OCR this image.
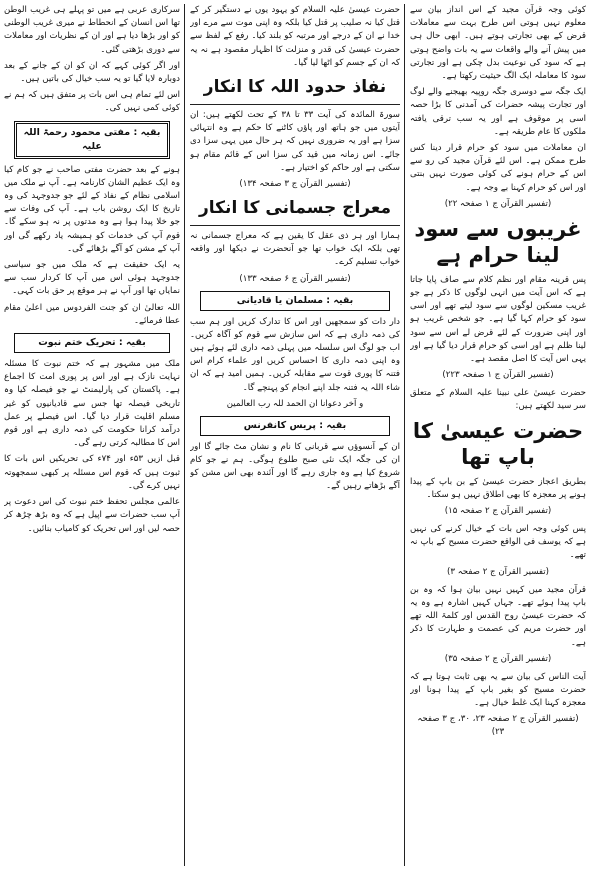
کوئی وجہ قرآن مجید کے اس انداز بیان سے معلوم نہیں ہوتی اس طرح بہت سے معاملات قرض کے بھی تجارتی ہوتے ہیں۔ ابھی حال ہی میں پیش آنے والے واقعات سے یہ بات واضح ہوتی ہے کہ سود کی نوعیت بدل چکی ہے اور تجارتی سود کا معاملہ ایک الگ حیثیت رکھتا ہے۔

ایک جگہ سے دوسری جگہ روپیہ بھیجنے والے لوگ اور تجارت پیشہ حضرات کی آمدنی کا بڑا حصہ اسی پر موقوف ہے اور یہ سب ترقی یافتہ ملکوں کا عام طریقہ ہے۔

ان معاملات میں سود کو حرام قرار دینا کس طرح ممکن ہے۔ اس لئے قرآن مجید کی رو سے اس کے حرام ہونے کی کوئی صورت نہیں بنتی اور اس کو حرام کہنا بے وجہ ہے۔

(تفسیر القرآن ج ۱ صفحہ ۲۲)
غریبوں سے سود لینا حرام ہے

پس قرینہ مقام اور نظم کلام سے صاف پایا جاتا ہے کہ اس آیت میں انہی لوگوں کا ذکر ہے جو غریب مسکین لوگوں سے سود لیتے تھے اور اسی سود کو حرام کہا گیا ہے۔ جو شخص غریب ہو اور اپنی ضرورت کے لئے قرض لے اس سے سود لینا ظلم ہے اور اسی کو حرام قرار دیا گیا ہے اور یہی اس آیت کا اصل مقصد ہے۔

(تفسیر القرآن ج ۱ صفحہ ۲۲۳)

حضرت عیسیٰ علی نبینا علیہ السلام کے متعلق سر سید لکھتے ہیں:

حضرت عیسیٰ کا باپ تھا

بطریق اعجاز حضرت عیسیٰ کے بن باپ کے پیدا ہونے پر معجزہ کا بھی اطلاق نہیں ہو سکتا۔

(تفسیر القرآن ج ۲ صفحہ ۱۵)

پس کوئی وجہ اس بات کے خیال کرنے کی نہیں ہے کہ یوسف فی الواقع حضرت مسیح کے باپ نہ تھے۔

(تفسیر القرآن ج ۲ صفحہ ۳)

قرآن مجید میں کہیں نہیں بیان ہوا کہ وہ بن باپ پیدا ہوئے تھے۔ جہاں کہیں اشارہ ہے وہ یہ کہ حضرت عیسیٰ روح القدس اور کلمۃ اللہ تھے اور حضرت مریم کی عصمت و طہارت کا ذکر ہے۔

(تفسیر القرآن ج ۲ صفحہ ۳۵)

آیت الناس کی بیان سے یہ بھی ثابت ہوتا ہے کہ حضرت مسیح کو بغیر باپ کے پیدا ہونا اور معجزہ کہنا ایک غلط خیال ہے۔

(تفسیر القرآن ج ۲ صفحہ ۲۳، ۳۰، ج ۳ صفحہ ۲۳)

حضرت عیسیٰ علیہ السلام کو یہود یوں نے دستگیر کر کے قتل کیا نہ صلیب پر قتل کیا بلکہ وہ اپنی موت سے مرے اور خدا نے ان کے درجے اور مرتبہ کو بلند کیا۔ رفع کے لفظ سے حضرت عیسیٰ کی قدر و منزلت کا اظہار مقصود ہے نہ یہ کہ ان کے جسم کو اٹھا لیا گیا۔

نفاذ حدود اللہ کا انکار

سورۃ المائدہ کی آیت ۳۳ تا ۳۸ کے تحت لکھتے ہیں: ان آیتوں میں جو ہاتھ اور پاؤں کاٹنے کا حکم ہے وہ انتہائی سزا ہے اور یہ ضروری نہیں کہ ہر حال میں یہی سزا دی جائے۔ اس زمانہ میں قید کی سزا اس کے قائم مقام ہو سکتی ہے اور حاکم کو اختیار ہے۔

(تفسیر القرآن ج ۳ صفحہ ۱۳۴)
معراج جسمانی کا انکار

ہمارا اور ہر ذی عقل کا یقین ہے کہ معراج جسمانی نہ تھی بلکہ ایک خواب تھا جو آنحضرت نے دیکھا اور واقعہ خواب تسلیم کرے۔

(تفسیر القرآن ج ۶ صفحہ ۱۳۳)
بقیہ : مسلمان یا قادیانی

دار دات کو سمجھیں اور اس کا تدارک کریں اور ہم سب کی ذمہ داری ہے کہ اس سازش سے قوم کو آگاہ کریں۔ اب جو لوگ اس سلسلہ میں پہلی ذمہ داری لئے ہوئے ہیں وہ اپنی ذمہ داری کا احساس کریں اور علماء کرام اس فتنہ کا پوری قوت سے مقابلہ کریں۔ ہمیں امید ہے کہ ان شاء اللہ یہ فتنہ جلد اپنے انجام کو پہنچے گا۔

و آخر دعوانا ان الحمد للہ رب العالمین
بقیہ : پریس کانفرنس

ان کے آنسوؤں سے قربانی کا نام و نشان مٹ جائے گا اور ان کی جگہ ایک نئی صبح طلوع ہوگی۔ ہم نے جو کام شروع کیا ہے وہ جاری رہے گا اور آئندہ بھی اس مشن کو آگے بڑھاتے رہیں گے۔

سرکاری عربی ہے میں تو پہلے ہی غریب الوطن تھا اس انسان کے انحطاط نے میری غریب الوطنی کو اور بڑھا دیا ہے اور ان کے نظریات اور معاملات سے دوری بڑھتی گئی۔

اور اگر کوئی کہے کہ ان کو ان کے جانے کے بعد دوبارہ لایا گیا تو یہ سب خیال کی باتیں ہیں۔

اس لئے تمام ہی اس بات پر متفق ہیں کہ ہم نے کوئی کمی نہیں کی۔

بقیہ : مفتی محمود رحمۃ اللہ علیہ

ہونے کے بعد حضرت مفتی صاحب نے جو کام کیا وہ ایک عظیم الشان کارنامہ ہے۔ آپ نے ملک میں اسلامی نظام کے نفاذ کے لئے جو جدوجہد کی وہ تاریخ کا ایک روشن باب ہے۔ آپ کی وفات سے جو خلا پیدا ہوا ہے وہ مدتوں پر نہ ہو سکے گا۔ قوم آپ کی خدمات کو ہمیشہ یاد رکھے گی اور آپ کے مشن کو آگے بڑھائے گی۔

یہ ایک حقیقت ہے کہ ملک میں جو سیاسی جدوجہد ہوئی اس میں آپ کا کردار سب سے نمایاں تھا اور آپ نے ہر موقع پر حق بات کہی۔

اللہ تعالیٰ ان کو جنت الفردوس میں اعلیٰ مقام عطا فرمائے۔

بقیہ : تحریک ختم نبوت

ملک میں مشہور ہے کہ ختم نبوت کا مسئلہ نہایت نازک ہے اور اس پر پوری امت کا اجماع ہے۔ پاکستان کی پارلیمنٹ نے جو فیصلہ کیا وہ تاریخی فیصلہ تھا جس سے قادیانیوں کو غیر مسلم اقلیت قرار دیا گیا۔ اس فیصلے پر عمل درآمد کرانا حکومت کی ذمہ داری ہے اور قوم اس کا مطالبہ کرتی رہے گی۔

قبل ازیں ۵۳ء اور ۷۴ء کی تحریکیں اس بات کا ثبوت ہیں کہ قوم اس مسئلہ پر کبھی سمجھوتہ نہیں کرے گی۔

عالمی مجلس تحفظ ختم نبوت کی اس دعوت پر آپ سب حضرات سے اپیل ہے کہ وہ بڑھ چڑھ کر حصہ لیں اور اس تحریک کو کامیاب بنائیں۔
